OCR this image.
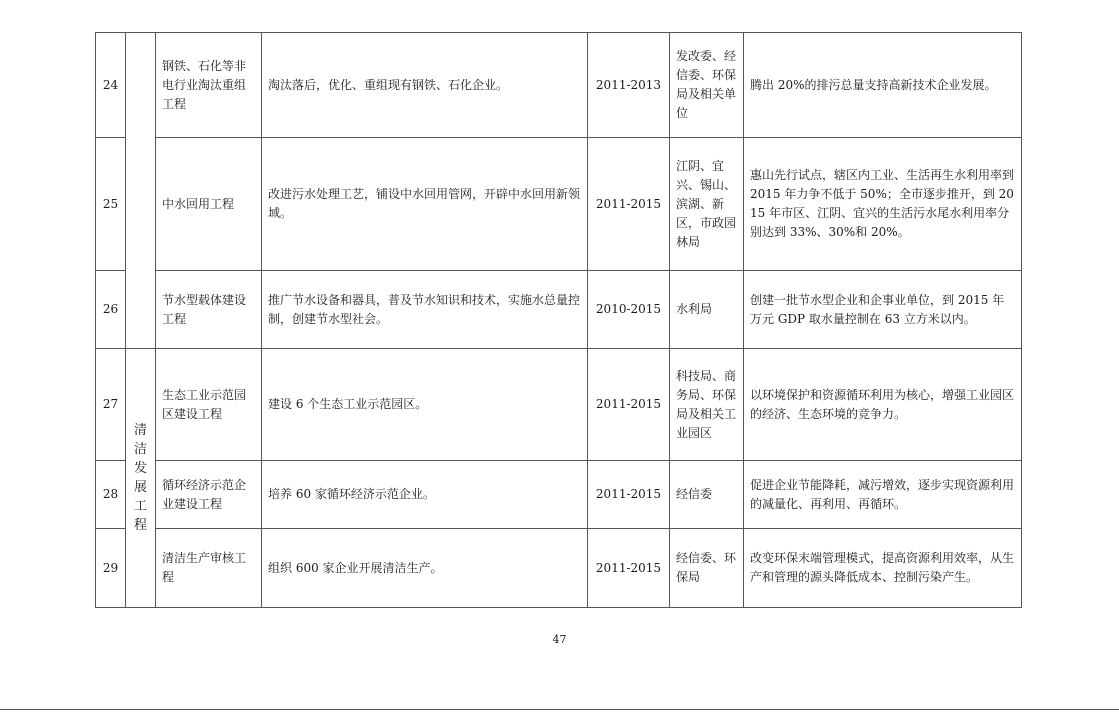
24		钢铁、石化等非电行业淘汰重组工程	淘汰落后，优化、重组现有钢铁、石化企业。	2011-2013	发改委、经信委、环保局及相关单位	腾出 20%的排污总量支持高新技术企业发展。
25		中水回用工程	改进污水处理工艺，铺设中水回用管网，开辟中水回用新领域。	2011-2015	江阴、宜兴、锡山、滨湖、新区，市政园林局	惠山先行试点，辖区内工业、生活再生水利用率到 2015 年力争不低于 50%；全市逐步推开，到 2015 年市区、江阴、宜兴的生活污水尾水利用率分别达到 33%、30%和 20%。
26		节水型载体建设工程	推广节水设备和器具，普及节水知识和技术，实施水总量控制，创建节水型社会。	2010-2015	水利局	创建一批节水型企业和企事业单位，到 2015 年万元 GDP 取水量控制在 63 立方米以内。
27	清洁发展工程	生态工业示范园区建设工程	建设 6 个生态工业示范园区。	2011-2015	科技局、商务局、环保局及相关工业园区	以环境保护和资源循环利用为核心，增强工业园区的经济、生态环境的竞争力。
28		循环经济示范企业建设工程	培养 60 家循环经济示范企业。	2011-2015	经信委	促进企业节能降耗，减污增效，逐步实现资源利用的减量化、再利用、再循环。
29		清洁生产审核工程	组织 600 家企业开展清洁生产。	2011-2015	经信委、环保局	改变环保末端管理模式，提高资源利用效率，从生产和管理的源头降低成本、控制污染产生。
47
